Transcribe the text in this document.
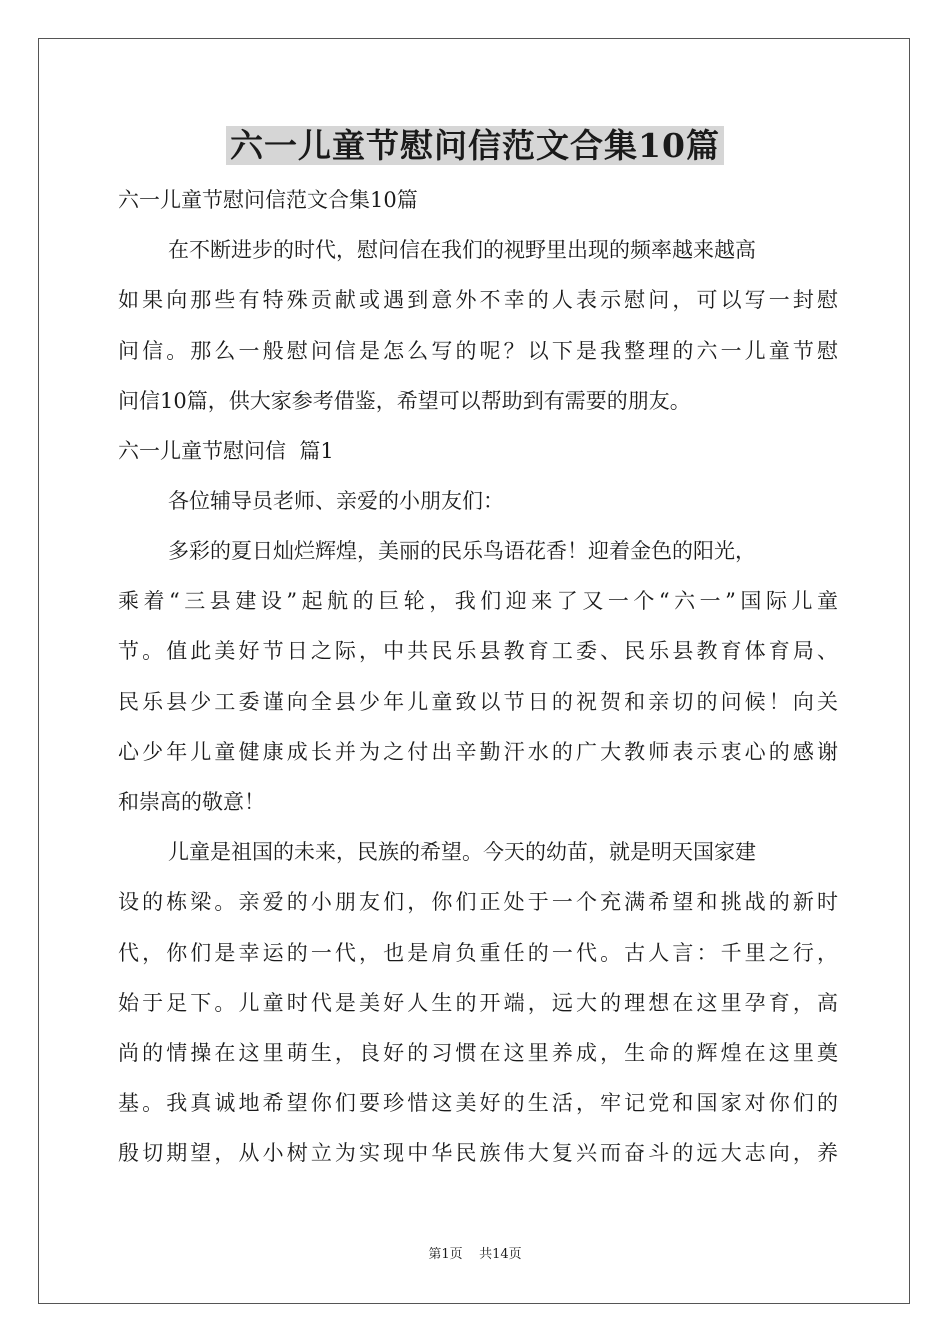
六一儿童节慰问信范文合集10篇

六一儿童节慰问信范文合集10篇

在不断进步的时代，慰问信在我们的视野里出现的频率越来越高

如果向那些有特殊贡献或遇到意外不幸的人表示慰问，可以写一封慰

问信。那么一般慰问信是怎么写的呢？以下是我整理的六一儿童节慰

问信10篇，供大家参考借鉴，希望可以帮助到有需要的朋友。

六一儿童节慰问信  篇1

各位辅导员老师、亲爱的小朋友们：

多彩的夏日灿烂辉煌，美丽的民乐鸟语花香！迎着金色的阳光，

乘着“三县建设”起航的巨轮，我们迎来了又一个“六一”国际儿童

节。值此美好节日之际，中共民乐县教育工委、民乐县教育体育局、

民乐县少工委谨向全县少年儿童致以节日的祝贺和亲切的问候！向关

心少年儿童健康成长并为之付出辛勤汗水的广大教师表示衷心的感谢

和崇高的敬意！

儿童是祖国的未来，民族的希望。今天的幼苗，就是明天国家建

设的栋梁。亲爱的小朋友们，你们正处于一个充满希望和挑战的新时

代，你们是幸运的一代，也是肩负重任的一代。古人言：千里之行，

始于足下。儿童时代是美好人生的开端，远大的理想在这里孕育，高

尚的情操在这里萌生，良好的习惯在这里养成，生命的辉煌在这里奠

基。我真诚地希望你们要珍惜这美好的生活，牢记党和国家对你们的

殷切期望，从小树立为实现中华民族伟大复兴而奋斗的远大志向，养

第1页    共14页
